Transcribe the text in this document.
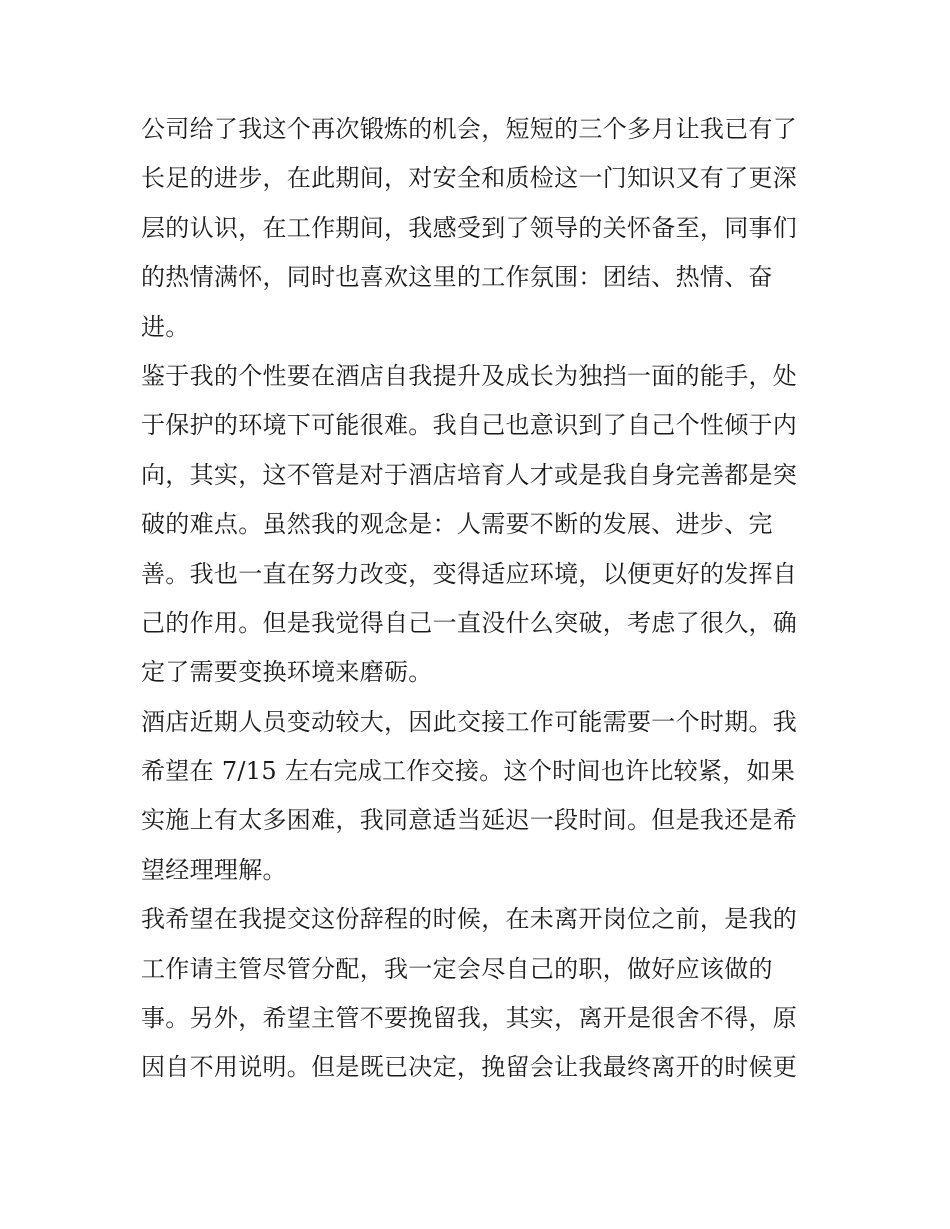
公司给了我这个再次锻炼的机会，短短的三个多月让我已有了
长足的进步，在此期间，对安全和质检这一门知识又有了更深
层的认识，在工作期间，我感受到了领导的关怀备至，同事们
的热情满怀，同时也喜欢这里的工作氛围：团结、热情、奋
进。
鉴于我的个性要在酒店自我提升及成长为独挡一面的能手，处
于保护的环境下可能很难。我自己也意识到了自己个性倾于内
向，其实，这不管是对于酒店培育人才或是我自身完善都是突
破的难点。虽然我的观念是：人需要不断的发展、进步、完
善。我也一直在努力改变，变得适应环境，以便更好的发挥自
己的作用。但是我觉得自己一直没什么突破，考虑了很久，确
定了需要变换环境来磨砺。
酒店近期人员变动较大，因此交接工作可能需要一个时期。我
希望在 7/15 左右完成工作交接。这个时间也许比较紧，如果
实施上有太多困难，我同意适当延迟一段时间。但是我还是希
望经理理解。
我希望在我提交这份辞程的时候，在未离开岗位之前，是我的
工作请主管尽管分配，我一定会尽自己的职，做好应该做的
事。另外，希望主管不要挽留我，其实，离开是很舍不得，原
因自不用说明。但是既已决定，挽留会让我最终离开的时候更
